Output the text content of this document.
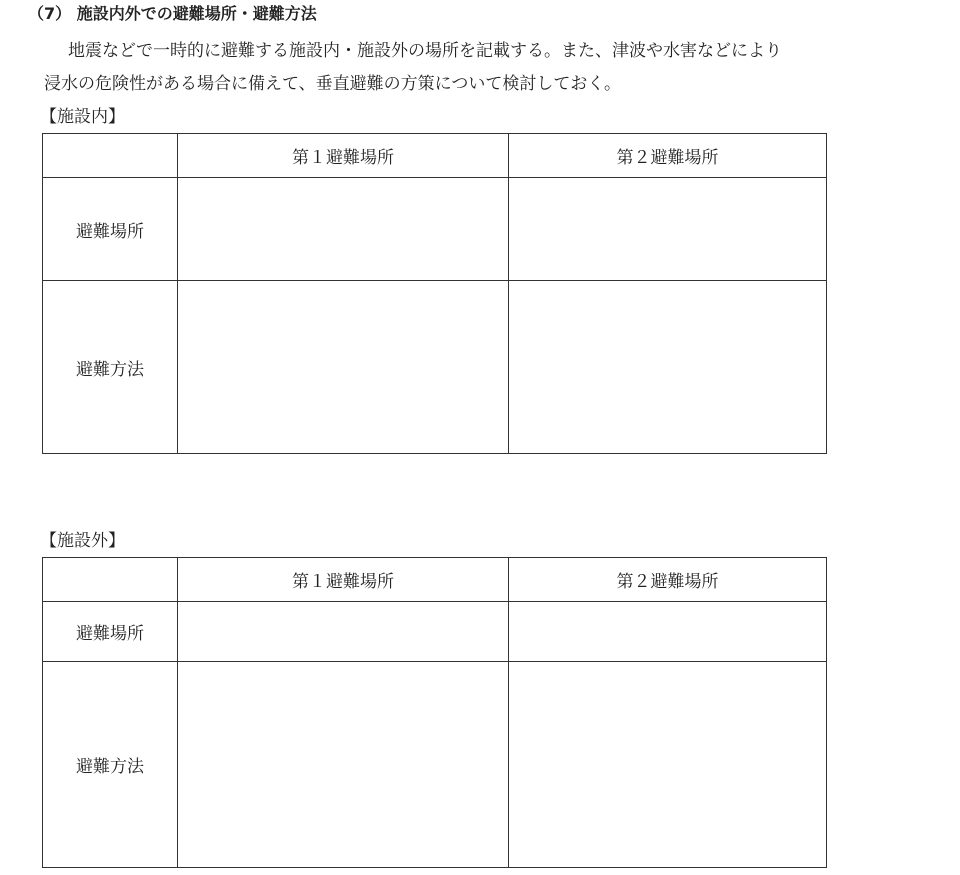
（7） 施設内外での避難場所・避難方法

地震などで一時的に避難する施設内・施設外の場所を記載する。また、津波や水害などにより
浸水の危険性がある場合に備えて、垂直避難の方策について検討しておく。

【施設内】
	第１避難場所	第２避難場所
避難場所		
避難方法		
【施設外】
	第１避難場所	第２避難場所
避難場所		
避難方法		
